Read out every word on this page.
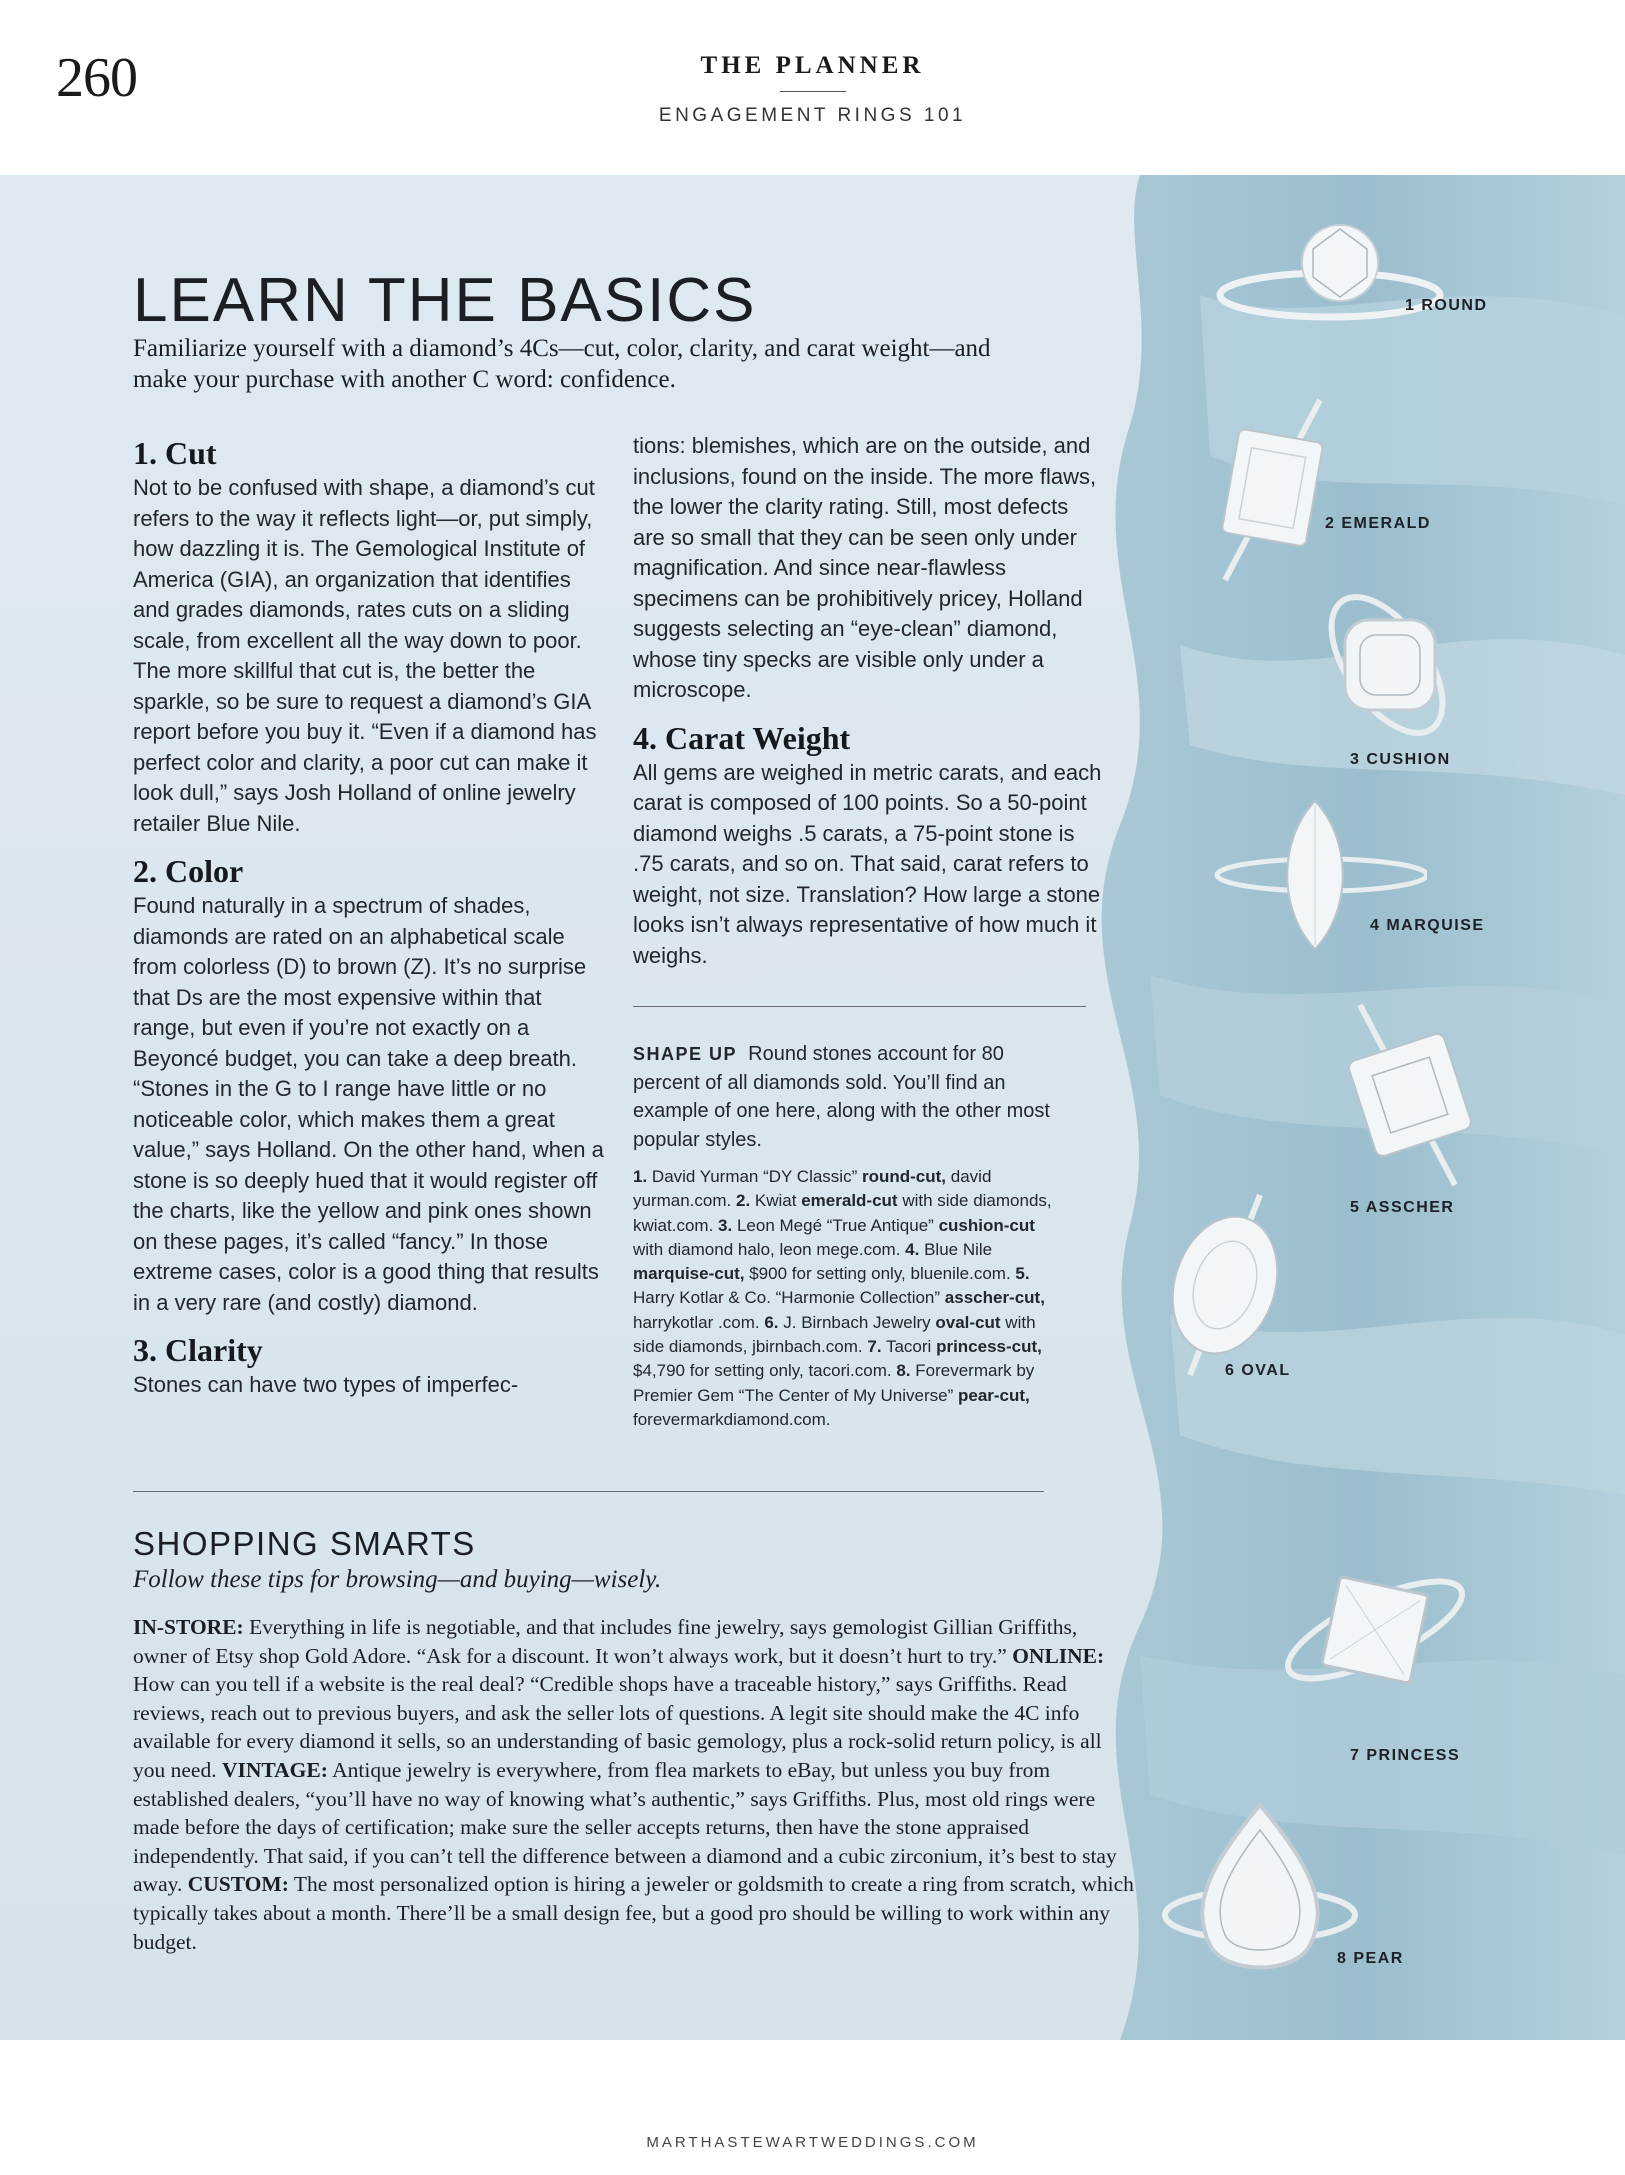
260	THE PLANNER
ENGAGEMENT RINGS 101
1 ROUND
2 EMERALD
3 CUSHION
4 MARQUISE
5 ASSCHER
6 OVAL
7 PRINCESS
8 PEAR
LEARN THE BASICS

Familiarize yourself with a diamond’s 4Cs—cut, color, clarity, and carat weight—and make your purchase with another C word: confidence.

1. Cut

Not to be confused with shape, a diamond’s cut refers to the way it reflects light—or, put simply, how dazzling it is. The Gemological Institute of America (GIA), an organization that identifies and grades diamonds, rates cuts on a sliding scale, from excellent all the way down to poor. The more skillful that cut is, the better the sparkle, so be sure to request a diamond’s GIA report before you buy it. “Even if a diamond has perfect color and clarity, a poor cut can make it look dull,” says Josh Holland of online jewelry retailer Blue Nile.

2. Color

Found naturally in a spectrum of shades, diamonds are rated on an alphabetical scale from colorless (D) to brown (Z). It’s no surprise that Ds are the most expensive within that range, but even if you’re not exactly on a Beyoncé budget, you can take a deep breath. “Stones in the G to I range have little or no noticeable color, which makes them a great value,” says Holland. On the other hand, when a stone is so deeply hued that it would register off the charts, like the yellow and pink ones shown on these pages, it’s called “fancy.” In those extreme cases, color is a good thing that results in a very rare (and costly) diamond.

3. Clarity

Stones can have two types of imperfec-

tions: blemishes, which are on the outside, and inclusions, found on the inside. The more flaws, the lower the clarity rating. Still, most defects are so small that they can be seen only under magnification. And since near-flawless specimens can be prohibitively pricey, Holland suggests selecting an “eye-clean” diamond, whose tiny specks are visible only under a microscope.

4. Carat Weight

All gems are weighed in metric carats, and each carat is composed of 100 points. So a 50-point diamond weighs .5 carats, a 75-point stone is .75 carats, and so on. That said, carat refers to weight, not size. Translation? How large a stone looks isn’t always representative of how much it weighs.

SHAPE UP Round stones account for 80 percent of all diamonds sold. You’ll find an example of one here, along with the other most popular styles.
1. David Yurman “DY Classic” round-cut, david yurman.com. 2. Kwiat emerald-cut with side diamonds, kwiat.com. 3. Leon Megé “True Antique” cushion-cut with diamond halo, leon mege.com. 4. Blue Nile marquise-cut, $900 for setting only, bluenile.com. 5. Harry Kotlar & Co. “Harmonie Collection” asscher-cut, harrykotlar .com. 6. J. Birnbach Jewelry oval-cut with side diamonds, jbirnbach.com. 7. Tacori princess-cut, $4,790 for setting only, tacori.com. 8. Forevermark by Premier Gem “The Center of My Universe” pear-cut, forevermarkdiamond.com.
SHOPPING SMARTS

Follow these tips for browsing—and buying—wisely.

IN-STORE: Everything in life is negotiable, and that includes fine jewelry, says gemologist Gillian Griffiths, owner of Etsy shop Gold Adore. “Ask for a discount. It won’t always work, but it doesn’t hurt to try.” ONLINE: How can you tell if a website is the real deal? “Credible shops have a traceable history,” says Griffiths. Read reviews, reach out to previous buyers, and ask the seller lots of questions. A legit site should make the 4C info available for every diamond it sells, so an understanding of basic gemology, plus a rock-solid return policy, is all you need. VINTAGE: Antique jewelry is everywhere, from flea markets to eBay, but unless you buy from established dealers, “you’ll have no way of knowing what’s authentic,” says Griffiths. Plus, most old rings were made before the days of certification; make sure the seller accepts returns, then have the stone appraised independently. That said, if you can’t tell the difference between a diamond and a cubic zirconium, it’s best to stay away. CUSTOM: The most personalized option is hiring a jeweler or goldsmith to create a ring from scratch, which typically takes about a month. There’ll be a small design fee, but a good pro should be willing to work within any budget.

MARTHASTEWARTWEDDINGS.COM
